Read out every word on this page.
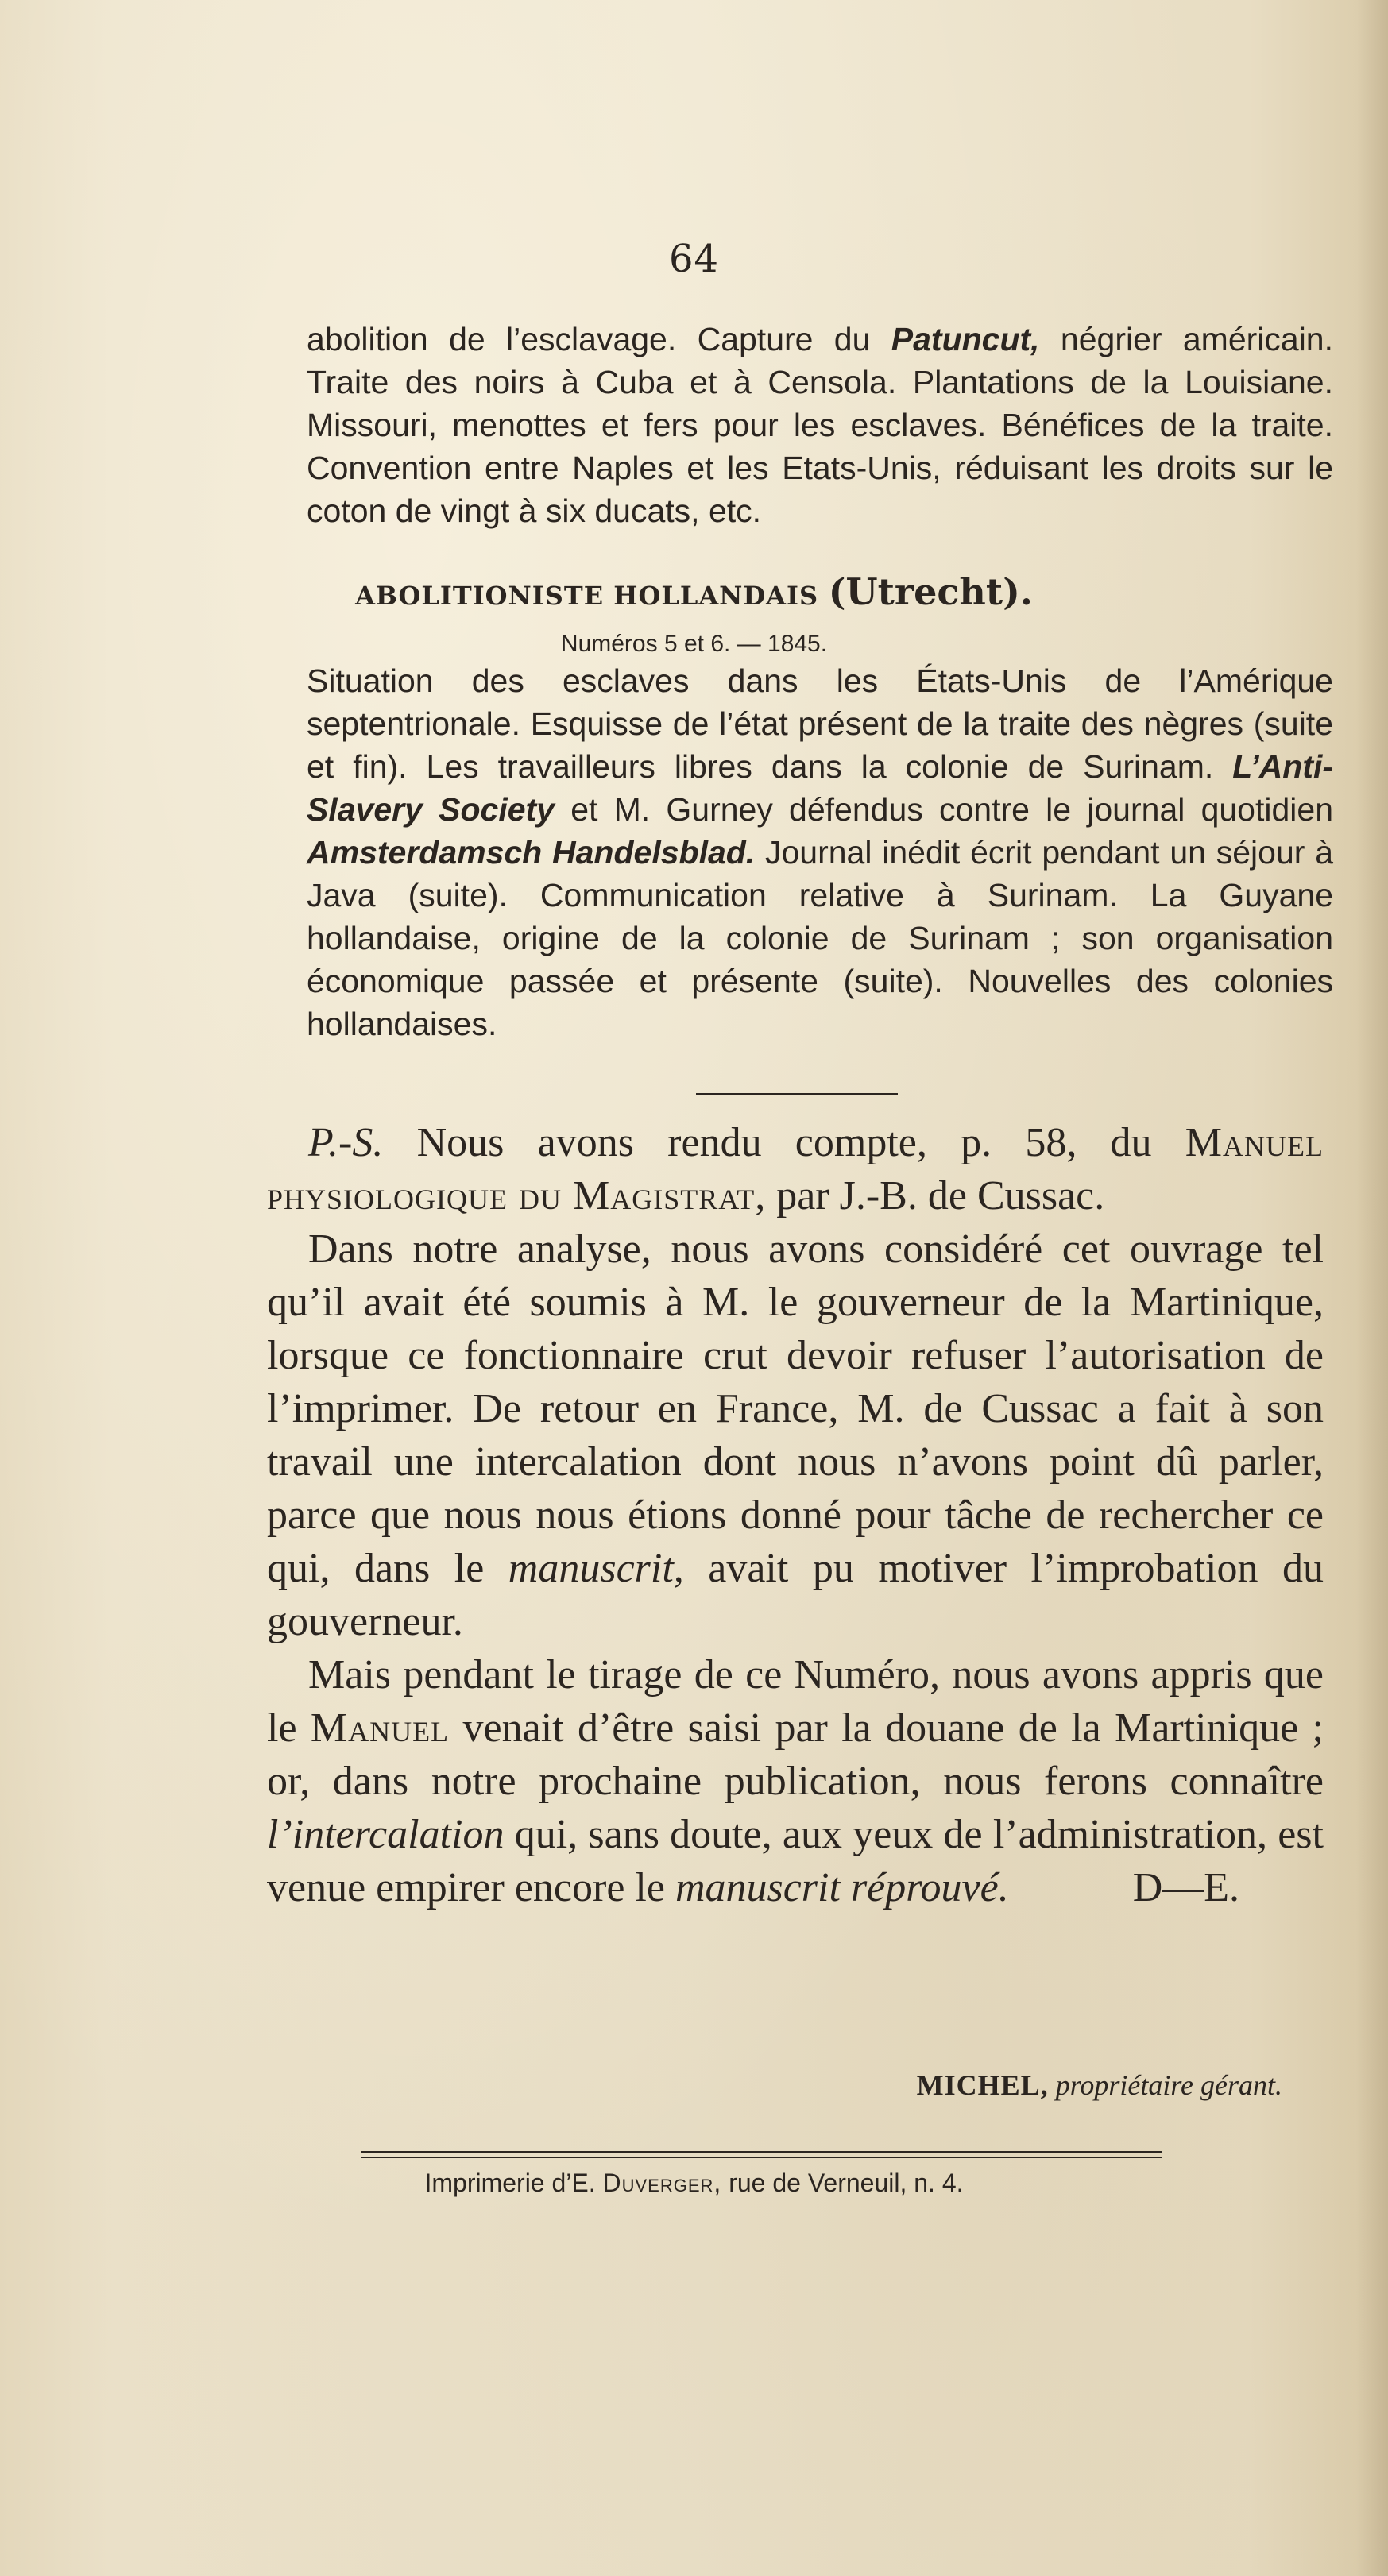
64
abolition de l’esclavage. Capture du Patuncut, négrier américain. Traite des noirs à Cuba et à Censola. Plantations de la Louisiane. Missouri, menottes et fers pour les esclaves. Bénéfices de la traite. Convention entre Naples et les Etats-Unis, réduisant les droits sur le coton de vingt à six ducats, etc.
ABOLITIONISTE HOLLANDAIS (Utrecht).
Numéros 5 et 6. — 1845.
Situation des esclaves dans les États-Unis de l’Amérique septentrionale. Esquisse de l’état présent de la traite des nègres (suite et fin). Les travailleurs libres dans la colonie de Surinam. L’Anti-Slavery Society et M. Gurney défendus contre le journal quotidien Amsterdamsch Handelsblad. Journal inédit écrit pendant un séjour à Java (suite). Communication relative à Surinam. La Guyane hollandaise, origine de la colonie de Surinam ; son organisation économique passée et présente (suite). Nouvelles des colonies hollandaises.

P.-S. Nous avons rendu compte, p. 58, du Manuel physiologique du Magistrat, par J.-B. de Cussac.

Dans notre analyse, nous avons considéré cet ouvrage tel qu’il avait été soumis à M. le gouverneur de la Martinique, lorsque ce fonctionnaire crut devoir refuser l’autorisation de l’imprimer. De retour en France, M. de Cussac a fait à son travail une intercalation dont nous n’avons point dû parler, parce que nous nous étions donné pour tâche de rechercher ce qui, dans le manuscrit, avait pu motiver l’improbation du gouverneur.

Mais pendant le tirage de ce Numéro, nous avons appris que le Manuel venait d’être saisi par la douane de la Martinique ; or, dans notre prochaine publication, nous ferons connaître l’intercalation qui, sans doute, aux yeux de l’administration, est venue empirer encore le manuscrit réprouvé.   	D—E.

MICHEL, propriétaire gérant.
Imprimerie d’E. Duverger, rue de Verneuil, n. 4.
